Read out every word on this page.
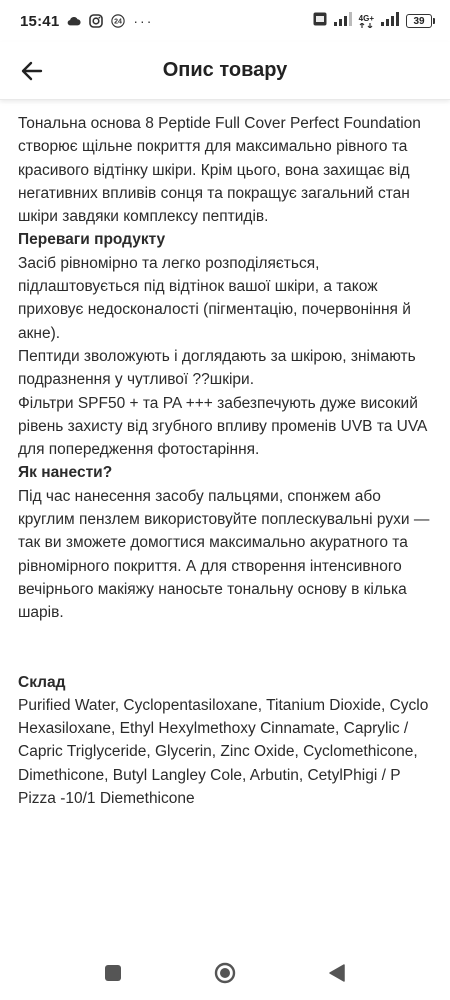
15:41	24 ···	4G+	39
Опис товару

Тональна основа 8 Peptide Full Cover Perfect Foundation створює щільне покриття для максимально рівного та красивого відтінку шкіри. Крім цього, вона захищає від негативних впливів сонця та покращує загальний стан шкіри завдяки комплексу пептидів.

Переваги продукту

Засіб рівномірно та легко розподіляється, підлаштовується під відтінок вашої шкіри, а також приховує недосконалості (пігментацію, почервоніння й акне).

Пептиди зволожують і доглядають за шкірою, знімають подразнення у чутливої ??шкіри.

Фільтри SPF50 + та PA +++ забезпечують дуже високий рівень захисту від згубного впливу променів UVB та UVA для попередження фотостаріння.

Як нанести?

Під час нанесення засобу пальцями, спонжем або круглим пензлем використовуйте поплескувальні рухи — так ви зможете домогтися максимально акуратного та рівномірного покриття. А для створення інтенсивного вечірнього макіяжу наносьте тональну основу в кілька шарів.

Склад

Purified Water, Cyclopentasiloxane, Titanium Dioxide, Cyclo Hexasiloxane, Ethyl Hexylmethoxy Cinnamate, Caprylic / Capric Triglyceride, Glycerin, Zinc Oxide, Cyclomethicone, Dimethicone, Butyl Langley Cole, Arbutin, CetylPhigi / P Pizza -10/1 Diemethicone
